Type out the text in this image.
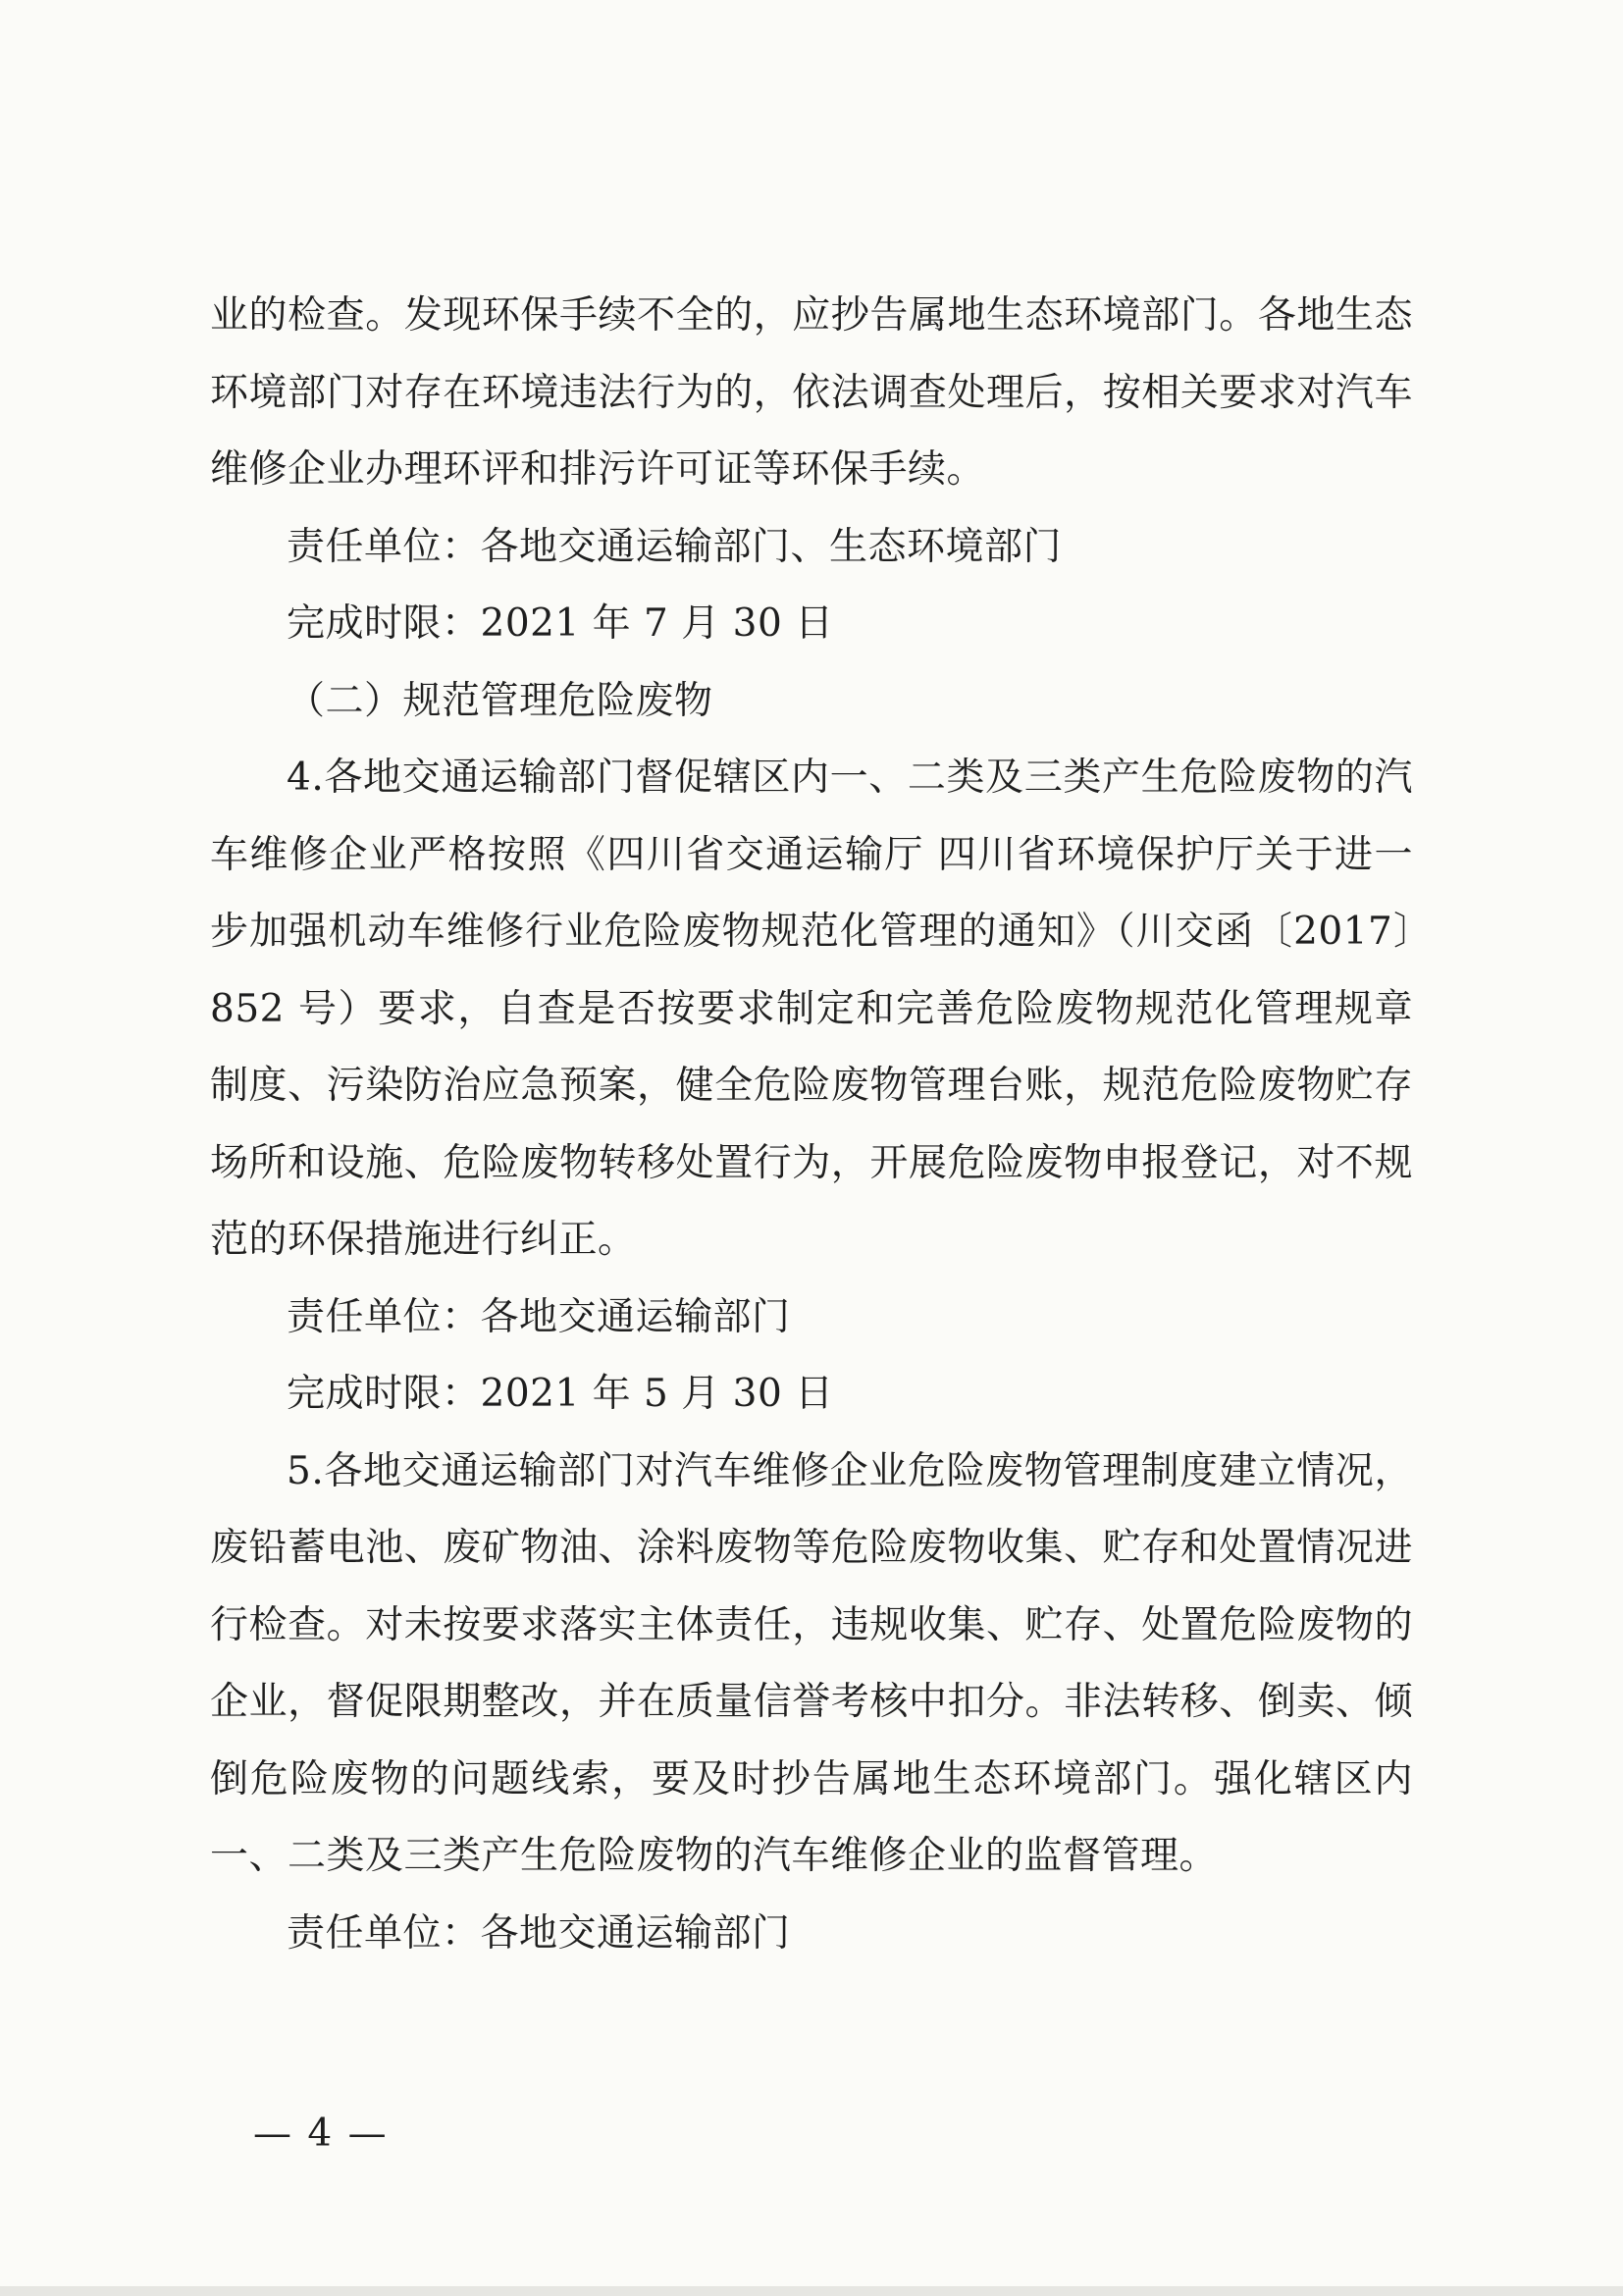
业的检查。发现环保手续不全的，应抄告属地生态环境部门。各地生态环境部门对存在环境违法行为的，依法调查处理后，按相关要求对汽车维修企业办理环评和排污许可证等环保手续。

责任单位：各地交通运输部门、生态环境部门

完成时限：2021 年 7 月 30 日

（二）规范管理危险废物

4.各地交通运输部门督促辖区内一、二类及三类产生危险废物的汽车维修企业严格按照《四川省交通运输厅 四川省环境保护厅关于进一步加强机动车维修行业危险废物规范化管理的通知》（川交函〔2017〕852 号）要求，自查是否按要求制定和完善危险废物规范化管理规章制度、污染防治应急预案，健全危险废物管理台账，规范危险废物贮存场所和设施、危险废物转移处置行为，开展危险废物申报登记，对不规范的环保措施进行纠正。

责任单位：各地交通运输部门

完成时限：2021 年 5 月 30 日

5.各地交通运输部门对汽车维修企业危险废物管理制度建立情况，废铅蓄电池、废矿物油、涂料废物等危险废物收集、贮存和处置情况进行检查。对未按要求落实主体责任，违规收集、贮存、处置危险废物的企业，督促限期整改，并在质量信誉考核中扣分。非法转移、倒卖、倾倒危险废物的问题线索，要及时抄告属地生态环境部门。强化辖区内一、二类及三类产生危险废物的汽车维修企业的监督管理。

责任单位：各地交通运输部门

— 4 —
